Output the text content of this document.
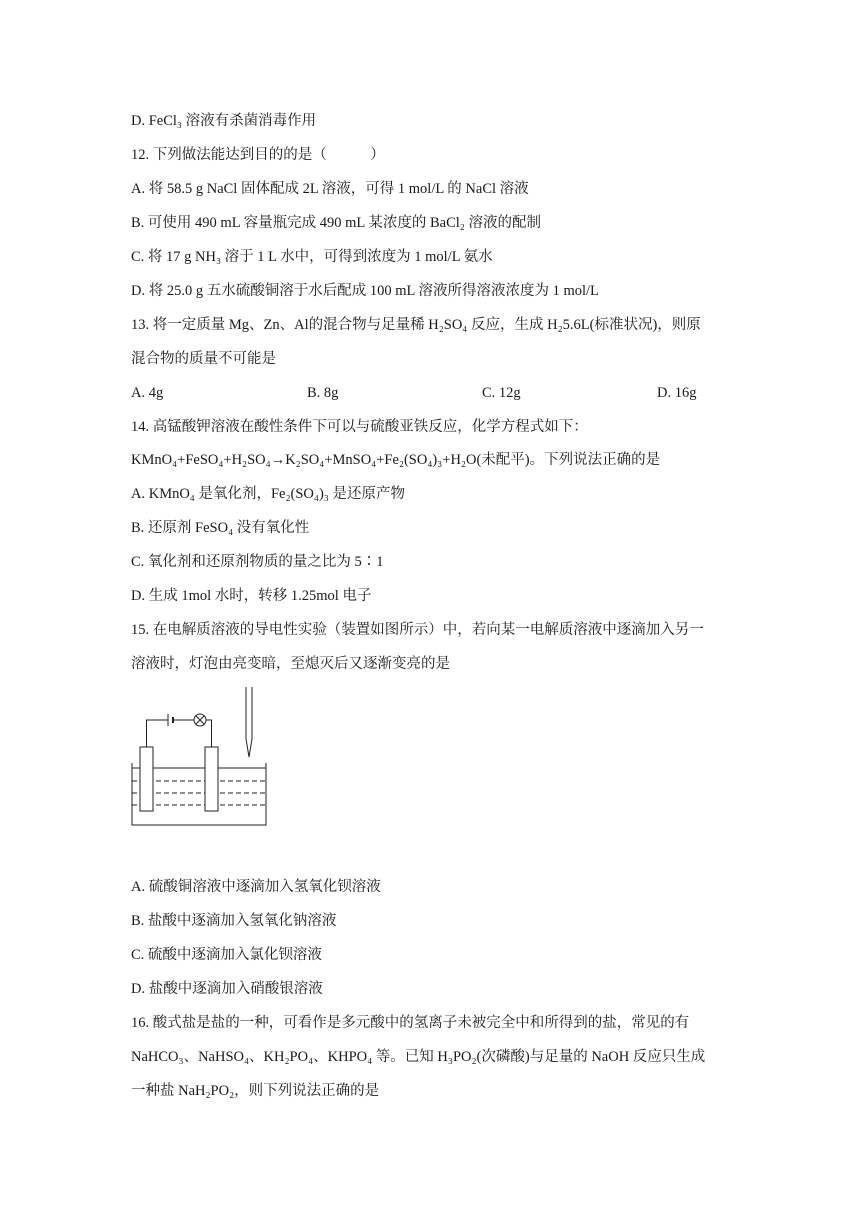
D. FeCl₃ 溶液有杀菌消毒作用
12. 下列做法能达到目的的是（　　　）
A. 将 58.5 g NaCl 固体配成 2L 溶液，可得 1 mol/L 的 NaCl 溶液
B. 可使用 490 mL 容量瓶完成 490 mL 某浓度的 BaCl₂ 溶液的配制
C. 将 17 g NH₃ 溶于 1 L 水中，可得到浓度为 1 mol/L 氨水
D. 将 25.0 g 五水硫酸铜溶于水后配成 100 mL 溶液所得溶液浓度为 1 mol/L
13. 将一定质量 Mg、Zn、Al的混合物与足量稀 H₂SO₄ 反应，生成 H₂5.6L(标准状况)，则原
混合物的质量不可能是
A. 4g	B. 8g	C. 12g	D. 16g
14. 高锰酸钾溶液在酸性条件下可以与硫酸亚铁反应，化学方程式如下：
KMnO₄+FeSO₄+H₂SO₄→K₂SO₄+MnSO₄+Fe₂(SO₄)₃+H₂O(未配平)。下列说法正确的是
A. KMnO₄ 是氧化剂，Fe₂(SO₄)₃ 是还原产物
B. 还原剂 FeSO₄ 没有氧化性
C. 氧化剂和还原剂物质的量之比为 5∶1
D. 生成 1mol 水时，转移 1.25mol 电子
15. 在电解质溶液的导电性实验（装置如图所示）中，若向某一电解质溶液中逐滴加入另一
溶液时，灯泡由亮变暗，至熄灭后又逐渐变亮的是
A. 硫酸铜溶液中逐滴加入氢氧化钡溶液
B. 盐酸中逐滴加入氢氧化钠溶液
C. 硫酸中逐滴加入氯化钡溶液
D. 盐酸中逐滴加入硝酸银溶液
16. 酸式盐是盐的一种，可看作是多元酸中的氢离子未被完全中和所得到的盐，常见的有
NaHCO₃、NaHSO₄、KH₂PO₄、KHPO₄ 等。已知 H₃PO₂(次磷酸)与足量的 NaOH 反应只生成
一种盐 NaH₂PO₂，则下列说法正确的是
